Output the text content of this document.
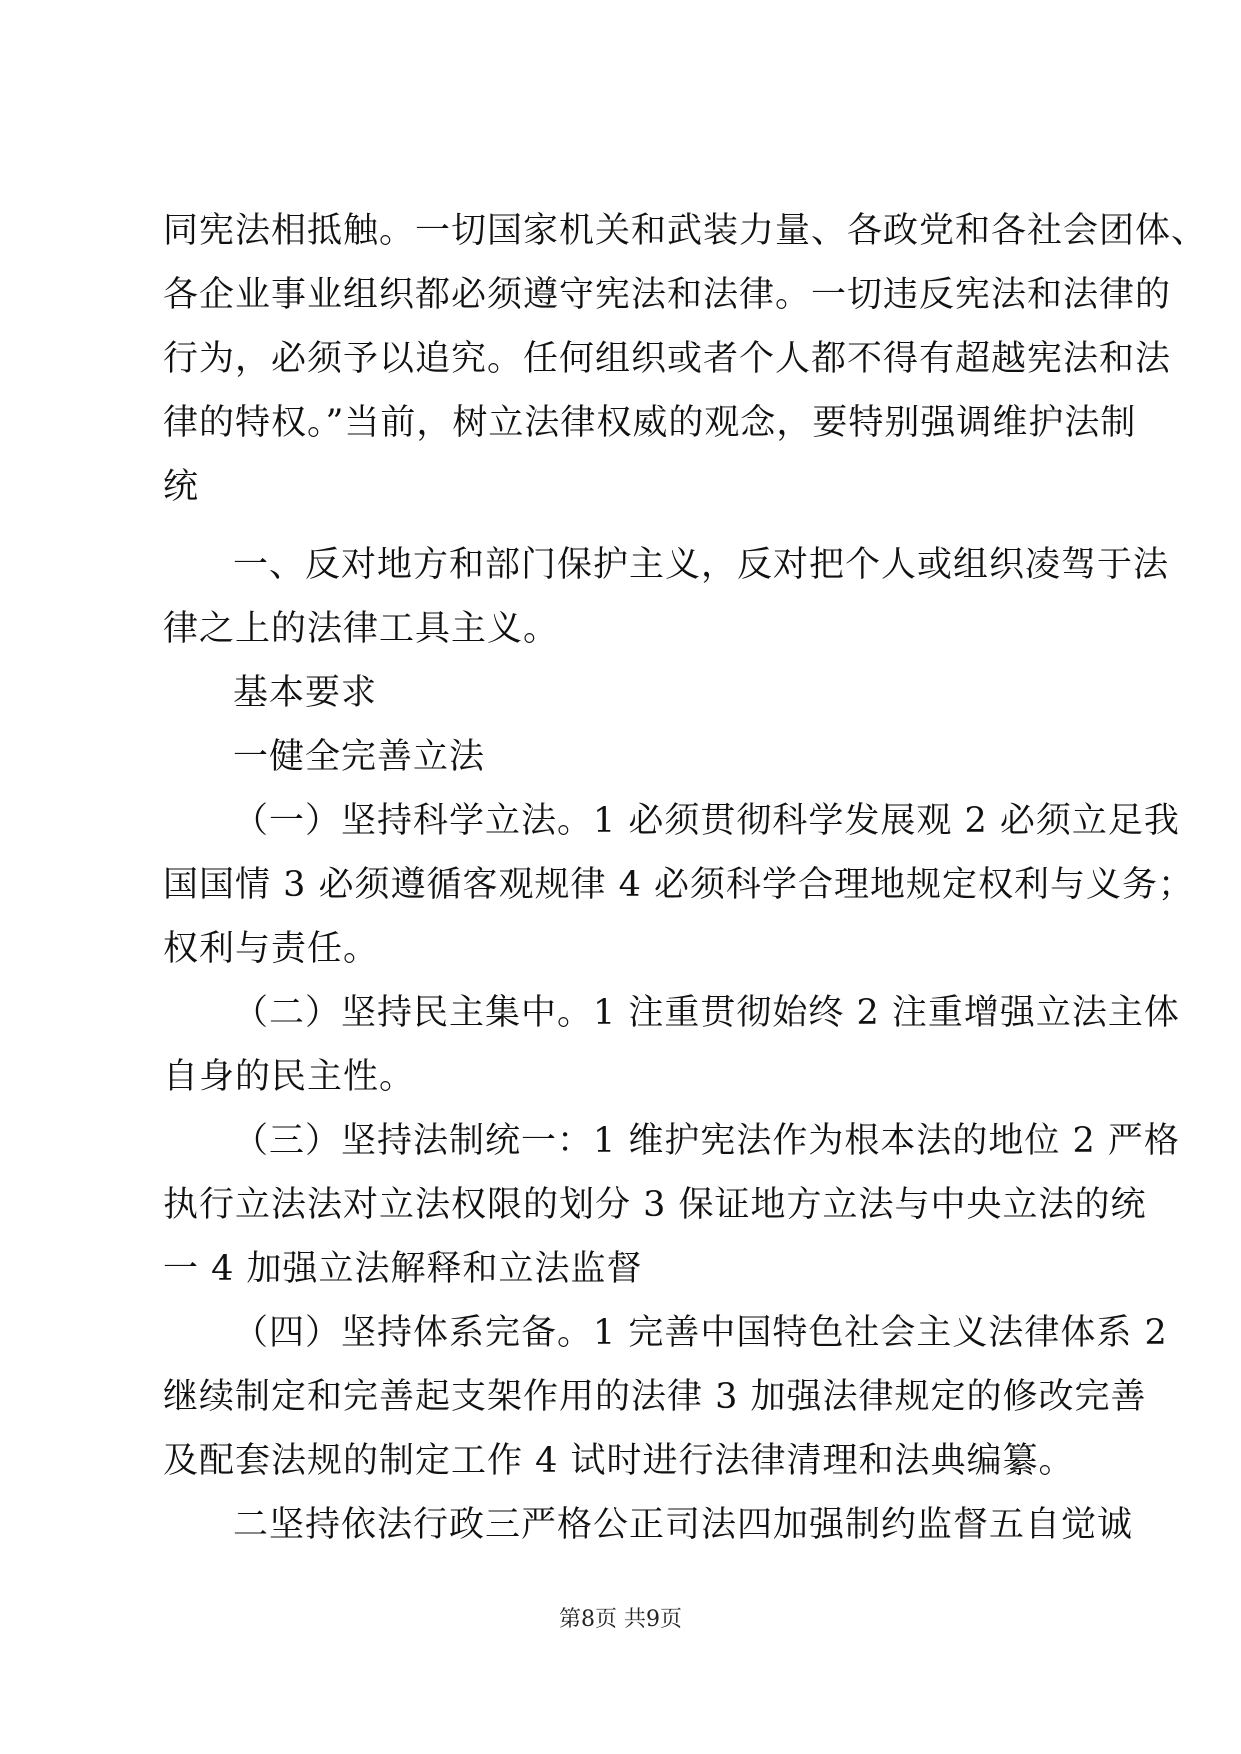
同宪法相抵触。一切国家机关和武装力量、各政党和各社会团体、
各企业事业组织都必须遵守宪法和法律。一切违反宪法和法律的
行为，必须予以追究。任何组织或者个人都不得有超越宪法和法
律的特权。”当前，树立法律权威的观念，要特别强调维护法制
统
一、反对地方和部门保护主义，反对把个人或组织凌驾于法
律之上的法律工具主义。
基本要求
一健全完善立法
（一）坚持科学立法。1 必须贯彻科学发展观 2 必须立足我
国国情 3 必须遵循客观规律 4 必须科学合理地规定权利与义务；
权利与责任。
（二）坚持民主集中。1 注重贯彻始终 2 注重增强立法主体
自身的民主性。
（三）坚持法制统一：1 维护宪法作为根本法的地位 2 严格
执行立法法对立法权限的划分 3 保证地方立法与中央立法的统
一 4 加强立法解释和立法监督
（四）坚持体系完备。1 完善中国特色社会主义法律体系 2
继续制定和完善起支架作用的法律 3 加强法律规定的修改完善
及配套法规的制定工作 4 试时进行法律清理和法典编纂。
二坚持依法行政三严格公正司法四加强制约监督五自觉诚
第8页 共9页
